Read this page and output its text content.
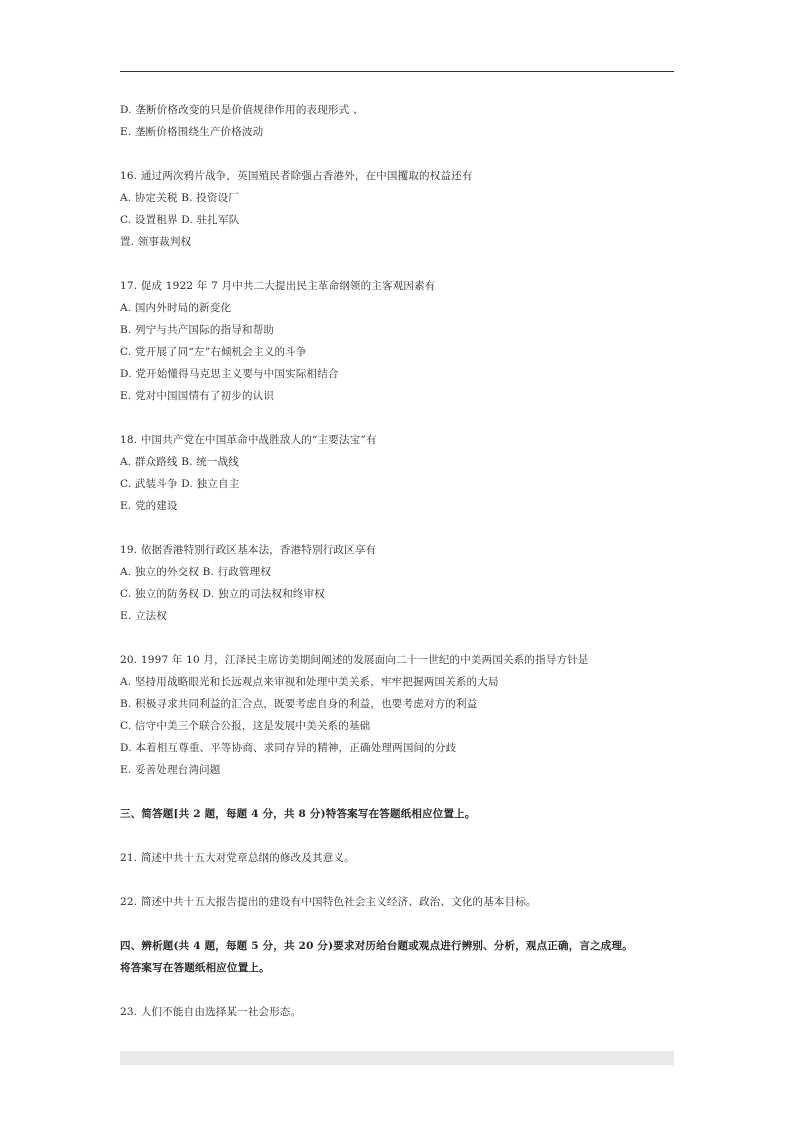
D. 垄断价格改变的只是价值规律作用的表现形式 、
E. 垄断价格围绕生产价格波动
16. 通过两次鸦片战争，英国殖民者除强占香港外，在中国攫取的权益还有
A. 协定关税 B. 投资设厂
C. 设置租界 D. 驻扎军队
置. 领事裁判权
17. 促成 1922 年 7 月中共二大提出民主革命纲领的主客观因素有
A. 国内外时局的新变化
B. 列宁与共产国际的指导和帮助
C. 党开展了同“左”右倾机会主义的斗争
D. 党开始懂得马克思主义要与中国实际相结合
E. 党对中国国情有了初步的认识
18. 中国共产党在中国革命中战胜敌人的“主要法宝”有
A. 群众路线 B. 统一战线
C. 武装斗争 D. 独立自主
E. 党的建设
19. 依据香港特别行政区基本法，香港特别行政区享有
A. 独立的外交权 B. 行政管理权
C. 独立的防务权 D. 独立的司法权和终审权
E. 立法权
20. 1997 年 10 月，江泽民主席访美期间阐述的发展面向二十一世纪的中美两国关系的指导方针是
A. 坚持用战略眼光和长远观点来审视和处理中美关系，牢牢把握两国关系的大局
B. 积极寻求共同利益的汇合点，既要考虑自身的利益，也要考虑对方的利益
C. 信守中美三个联合公报，这是发展中美关系的基础
D. 本着相互尊重、平等协商、求同存异的精神，正确处理两国间的分歧
E. 妥善处理台湾问题
三、简答题[共 2 题，每题 4 分，共 8 分)特答案写在答题纸相应位置上。
21. 简述中共十五大对党章总纲的修改及其意义。
22. 简述中共十五大报告提出的建设有中国特色社会主义经济、政治、文化的基本目标。
四、辨析题(共 4 题，每题 5 分，共 20 分)要求对历给台题或观点进行辨别、分析，观点正确，言之成理。
将答案写在答题纸相应位置上。
23. 人们不能自由选择某一社会形态。
